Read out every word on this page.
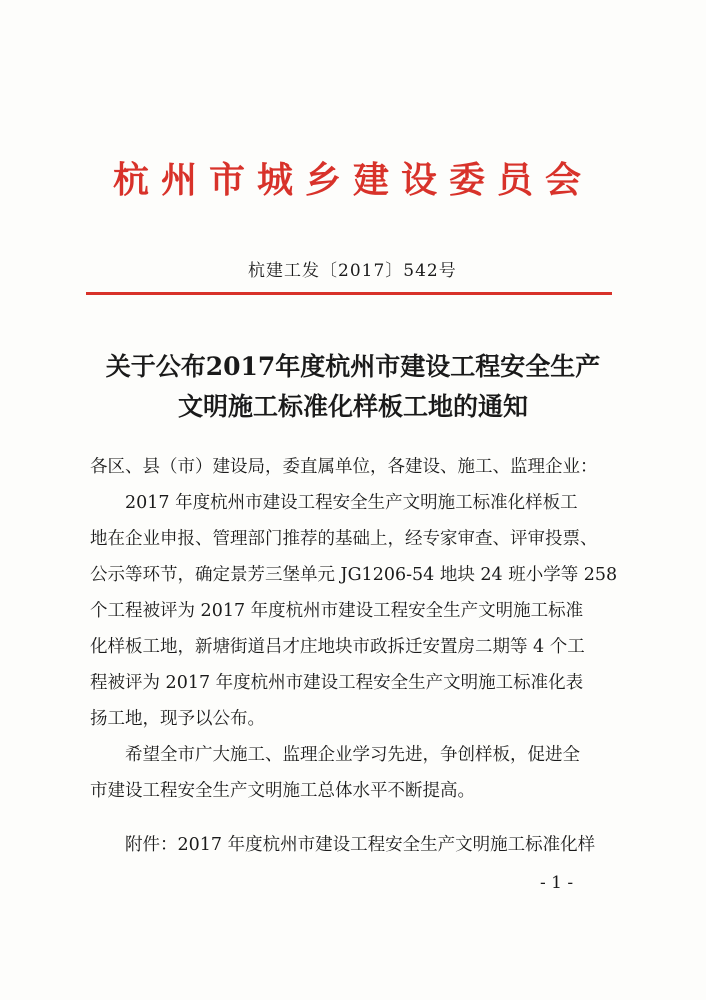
杭州市城乡建设委员会
杭建工发〔2017〕542号
关于公布2017年度杭州市建设工程安全生产
文明施工标准化样板工地的通知

各区、县（市）建设局，委直属单位，各建设、施工、监理企业：

2017 年度杭州市建设工程安全生产文明施工标准化样板工

地在企业申报、管理部门推荐的基础上，经专家审查、评审投票、

公示等环节，确定景芳三堡单元 JG1206-54 地块 24 班小学等 258

个工程被评为 2017 年度杭州市建设工程安全生产文明施工标准

化样板工地，新塘街道吕才庄地块市政拆迁安置房二期等 4 个工

程被评为 2017 年度杭州市建设工程安全生产文明施工标准化表

扬工地，现予以公布。

希望全市广大施工、监理企业学习先进，争创样板，促进全

市建设工程安全生产文明施工总体水平不断提高。

附件：2017 年度杭州市建设工程安全生产文明施工标准化样

- 1 -
